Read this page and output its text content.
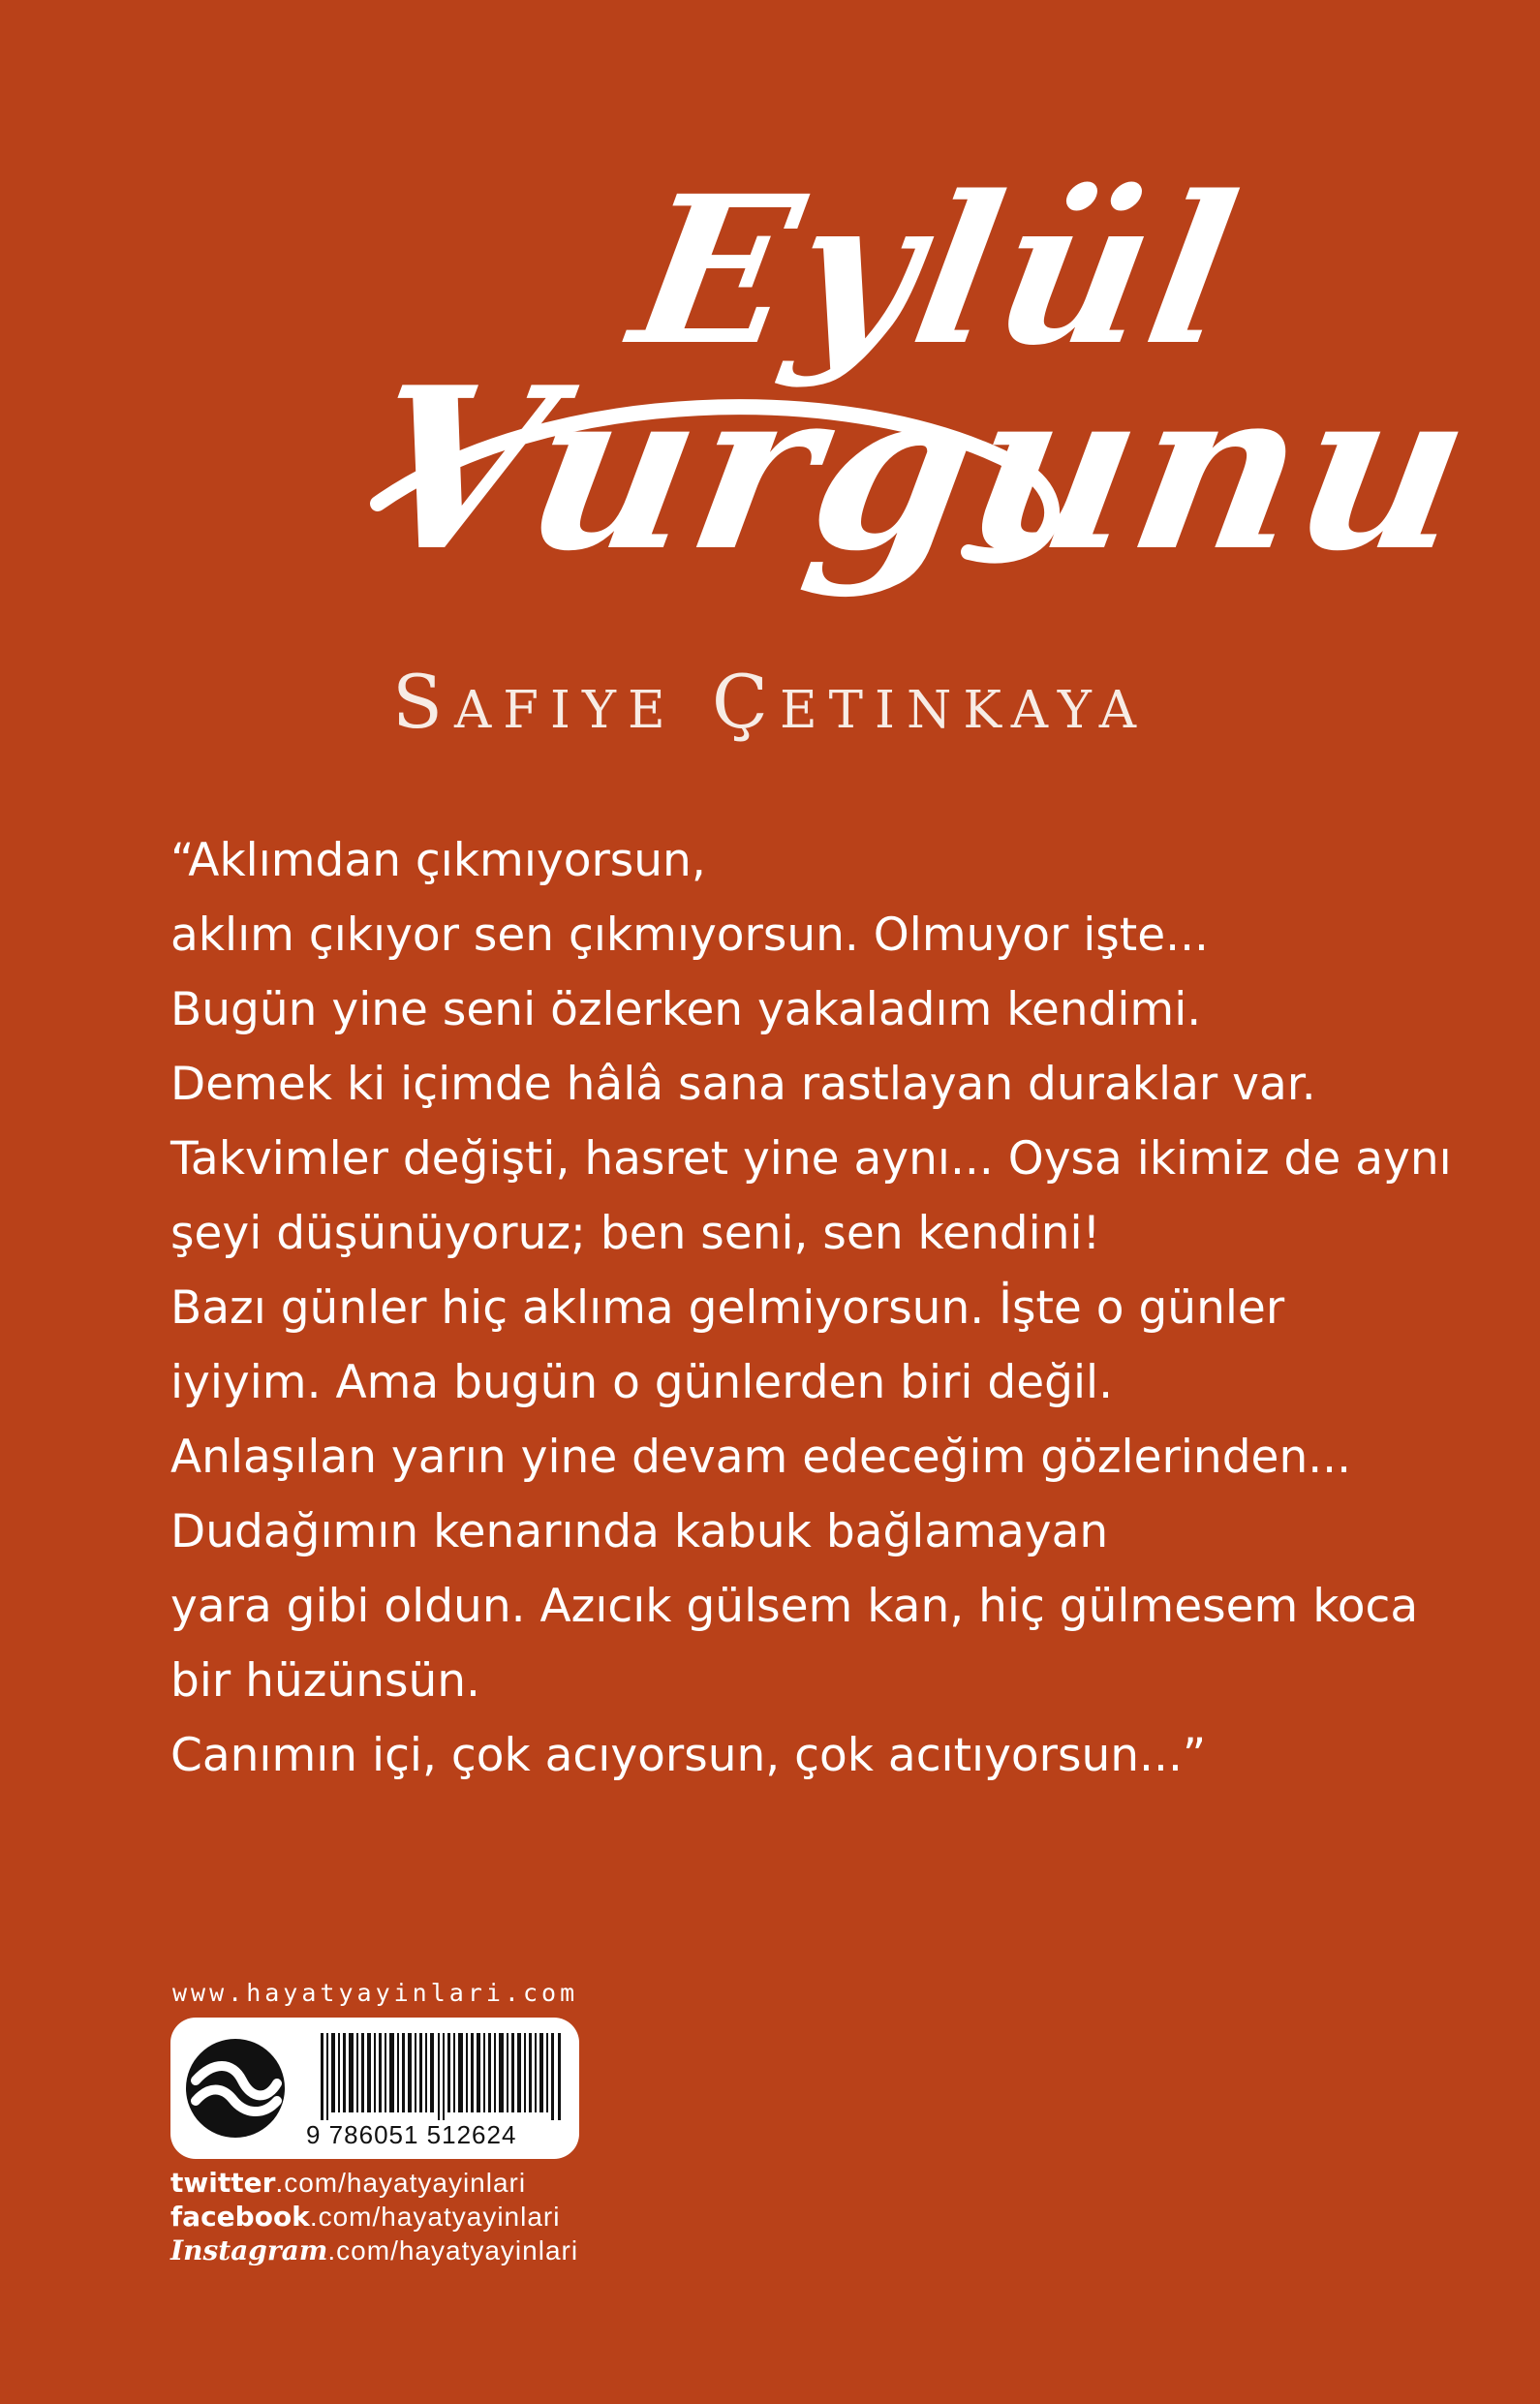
Eylül
Vurgunu
Safiye Çetinkaya

“Aklımdan çıkmıyorsun,

aklım çıkıyor sen çıkmıyorsun. Olmuyor işte...

Bugün yine seni özlerken yakaladım kendimi.

Demek ki içimde hâlâ sana rastlayan duraklar var.

Takvimler değişti, hasret yine aynı... Oysa ikimiz de aynı

şeyi düşünüyoruz; ben seni, sen kendini!

Bazı günler hiç aklıma gelmiyorsun. İşte o günler

iyiyim. Ama bugün o günlerden biri değil.

Anlaşılan yarın yine devam edeceğim gözlerinden...

Dudağımın kenarında kabuk bağlamayan

yara gibi oldun. Azıcık gülsem kan, hiç gülmesem koca

bir hüzünsün.

Canımın içi, çok acıyorsun, çok acıtıyorsun...”

www.hayatyayinlari.com
9 786051 512624
twitter.com/hayatyayinlari
facebook.com/hayatyayinlari
Instagram.com/hayatyayinlari
